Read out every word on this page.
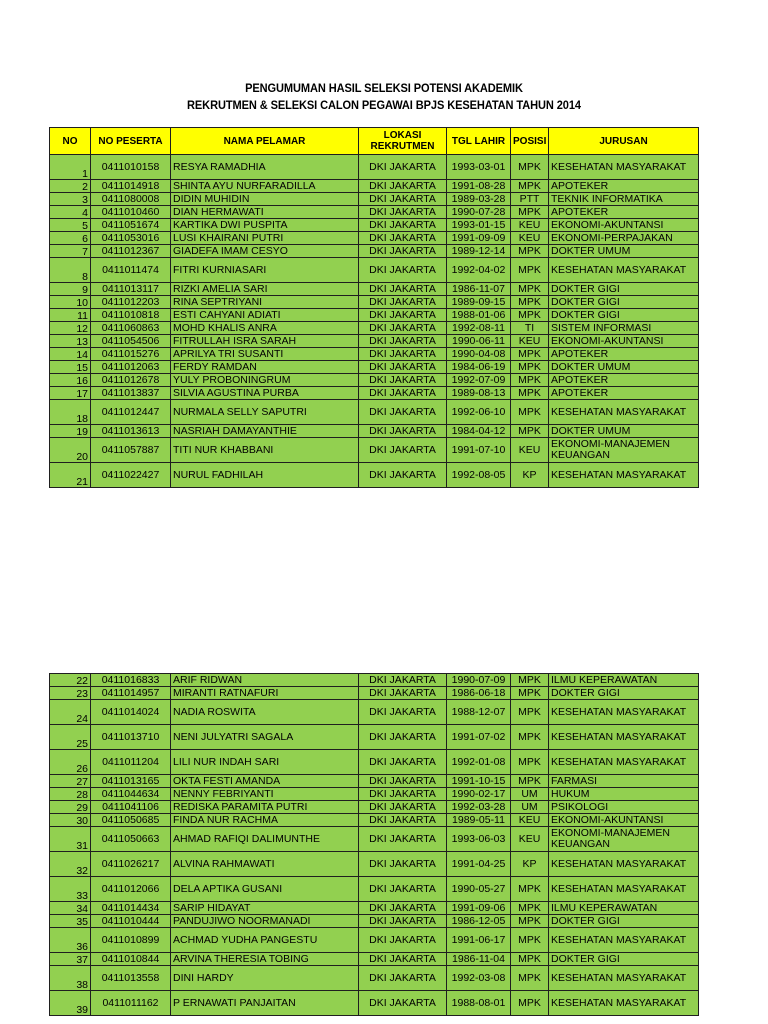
PENGUMUMAN HASIL SELEKSI POTENSI AKADEMIK
REKRUTMEN & SELEKSI CALON PEGAWAI BPJS KESEHATAN TAHUN 2014
NO	NO PESERTA	NAMA PELAMAR	LOKASI REKRUTMEN	TGL LAHIR	POSISI	JURUSAN
1	0411010158	RESYA RAMADHIA	DKI JAKARTA	1993-03-01	MPK	KESEHATAN MASYARAKAT
2	0411014918	SHINTA AYU NURFARADILLA	DKI JAKARTA	1991-08-28	MPK	APOTEKER
3	0411080008	DIDIN MUHIDIN	DKI JAKARTA	1989-03-28	PTT	TEKNIK INFORMATIKA
4	0411010460	DIAN HERMAWATI	DKI JAKARTA	1990-07-28	MPK	APOTEKER
5	0411051674	KARTIKA DWI PUSPITA	DKI JAKARTA	1993-01-15	KEU	EKONOMI-AKUNTANSI
6	0411053016	LUSI KHAIRANI PUTRI	DKI JAKARTA	1991-09-09	KEU	EKONOMI-PERPAJAKAN
7	0411012367	GIADEFA IMAM CESYO	DKI JAKARTA	1989-12-14	MPK	DOKTER UMUM
8	0411011474	FITRI KURNIASARI	DKI JAKARTA	1992-04-02	MPK	KESEHATAN MASYARAKAT
9	0411013117	RIZKI AMELIA SARI	DKI JAKARTA	1986-11-07	MPK	DOKTER GIGI
10	0411012203	RINA SEPTRIYANI	DKI JAKARTA	1989-09-15	MPK	DOKTER GIGI
11	0411010818	ESTI CAHYANI ADIATI	DKI JAKARTA	1988-01-06	MPK	DOKTER GIGI
12	0411060863	MOHD KHALIS ANRA	DKI JAKARTA	1992-08-11	TI	SISTEM INFORMASI
13	0411054506	FITRULLAH ISRA SARAH	DKI JAKARTA	1990-06-11	KEU	EKONOMI-AKUNTANSI
14	0411015276	APRILYA TRI SUSANTI	DKI JAKARTA	1990-04-08	MPK	APOTEKER
15	0411012063	FERDY RAMDAN	DKI JAKARTA	1984-06-19	MPK	DOKTER UMUM
16	0411012678	YULY PROBONINGRUM	DKI JAKARTA	1992-07-09	MPK	APOTEKER
17	0411013837	SILVIA AGUSTINA PURBA	DKI JAKARTA	1989-08-13	MPK	APOTEKER
18	0411012447	NURMALA SELLY SAPUTRI	DKI JAKARTA	1992-06-10	MPK	KESEHATAN MASYARAKAT
19	0411013613	NASRIAH DAMAYANTHIE	DKI JAKARTA	1984-04-12	MPK	DOKTER UMUM
20	0411057887	TITI NUR KHABBANI	DKI JAKARTA	1991-07-10	KEU	EKONOMI-MANAJEMEN KEUANGAN
21	0411022427	NURUL FADHILAH	DKI JAKARTA	1992-08-05	KP	KESEHATAN MASYARAKAT
22	0411016833	ARIF RIDWAN	DKI JAKARTA	1990-07-09	MPK	ILMU KEPERAWATAN
23	0411014957	MIRANTI RATNAFURI	DKI JAKARTA	1986-06-18	MPK	DOKTER GIGI
24	0411014024	NADIA ROSWITA	DKI JAKARTA	1988-12-07	MPK	KESEHATAN MASYARAKAT
25	0411013710	NENI JULYATRI SAGALA	DKI JAKARTA	1991-07-02	MPK	KESEHATAN MASYARAKAT
26	0411011204	LILI NUR INDAH SARI	DKI JAKARTA	1992-01-08	MPK	KESEHATAN MASYARAKAT
27	0411013165	OKTA FESTI AMANDA	DKI JAKARTA	1991-10-15	MPK	FARMASI
28	0411044634	NENNY FEBRIYANTI	DKI JAKARTA	1990-02-17	UM	HUKUM
29	0411041106	REDISKA PARAMITA PUTRI	DKI JAKARTA	1992-03-28	UM	PSIKOLOGI
30	0411050685	FINDA NUR RACHMA	DKI JAKARTA	1989-05-11	KEU	EKONOMI-AKUNTANSI
31	0411050663	AHMAD RAFIQI DALIMUNTHE	DKI JAKARTA	1993-06-03	KEU	EKONOMI-MANAJEMEN KEUANGAN
32	0411026217	ALVINA RAHMAWATI	DKI JAKARTA	1991-04-25	KP	KESEHATAN MASYARAKAT
33	0411012066	DELA APTIKA GUSANI	DKI JAKARTA	1990-05-27	MPK	KESEHATAN MASYARAKAT
34	0411014434	SARIP HIDAYAT	DKI JAKARTA	1991-09-06	MPK	ILMU KEPERAWATAN
35	0411010444	PANDUJIWO NOORMANADI	DKI JAKARTA	1986-12-05	MPK	DOKTER GIGI
36	0411010899	ACHMAD YUDHA PANGESTU	DKI JAKARTA	1991-06-17	MPK	KESEHATAN MASYARAKAT
37	0411010844	ARVINA THERESIA TOBING	DKI JAKARTA	1986-11-04	MPK	DOKTER GIGI
38	0411013558	DINI HARDY	DKI JAKARTA	1992-03-08	MPK	KESEHATAN MASYARAKAT
39	0411011162	P ERNAWATI PANJAITAN	DKI JAKARTA	1988-08-01	MPK	KESEHATAN MASYARAKAT
